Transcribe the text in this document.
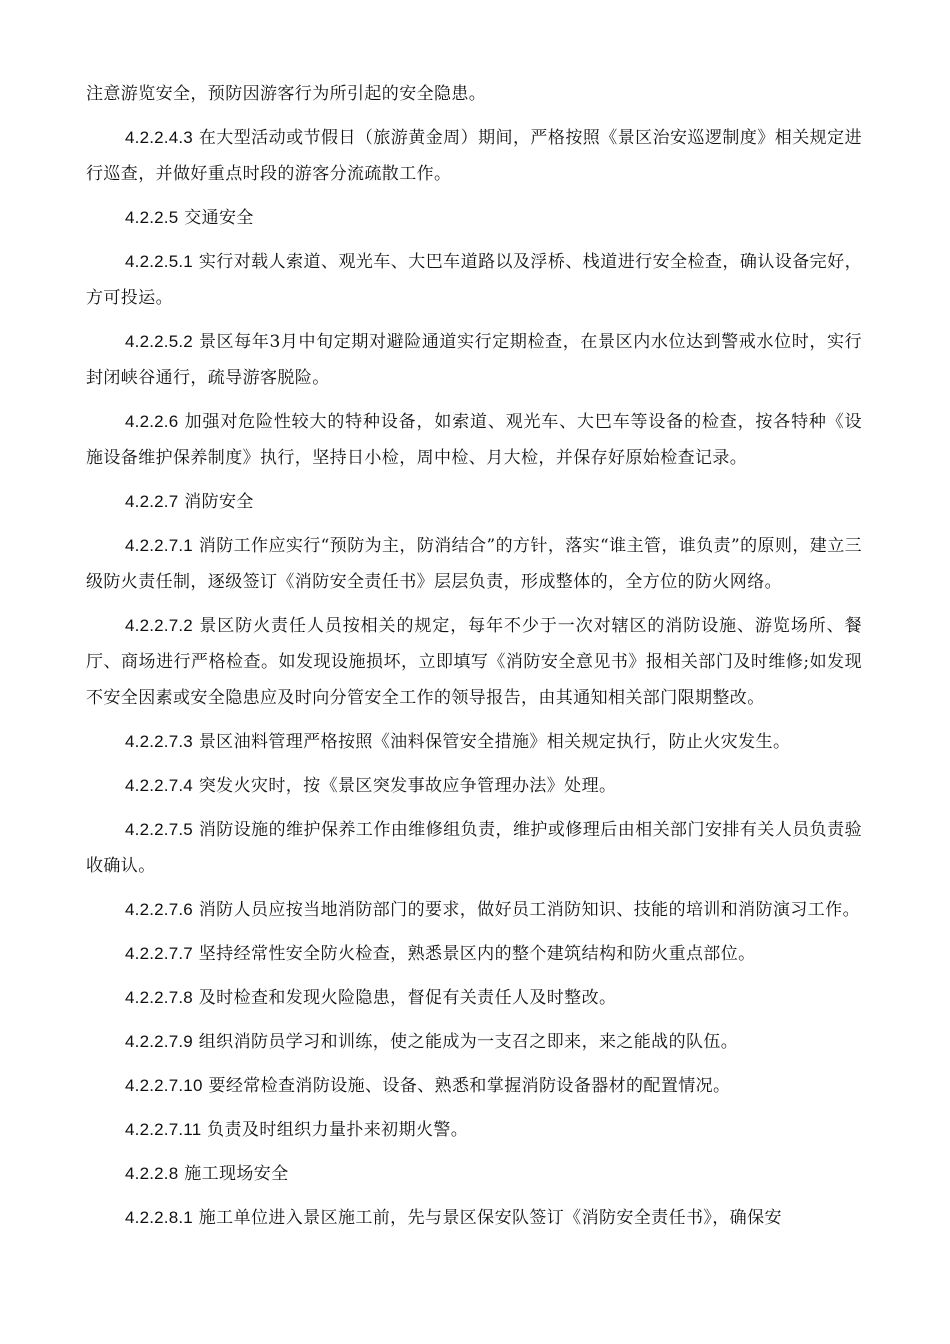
注意游览安全，预防因游客行为所引起的安全隐患。

4.2.2.4.3 在大型活动或节假日（旅游黄金周）期间，严格按照《景区治安巡逻制度》相关规定进行巡查，并做好重点时段的游客分流疏散工作。

4.2.2.5 交通安全

4.2.2.5.1 实行对载人索道、观光车、大巴车道路以及浮桥、栈道进行安全检查，确认设备完好，方可投运。

4.2.2.5.2 景区每年3月中旬定期对避险通道实行定期检查，在景区内水位达到警戒水位时，实行封闭峡谷通行，疏导游客脱险。

4.2.2.6 加强对危险性较大的特种设备，如索道、观光车、大巴车等设备的检查，按各特种《设施设备维护保养制度》执行，坚持日小检，周中检、月大检，并保存好原始检查记录。

4.2.2.7 消防安全

4.2.2.7.1 消防工作应实行“预防为主，防消结合”的方针，落实“谁主管，谁负责”的原则，建立三级防火责任制，逐级签订《消防安全责任书》层层负责，形成整体的，全方位的防火网络。

4.2.2.7.2 景区防火责任人员按相关的规定，每年不少于一次对辖区的消防设施、游览场所、餐厅、商场进行严格检查。如发现设施损坏，立即填写《消防安全意见书》报相关部门及时维修;如发现不安全因素或安全隐患应及时向分管安全工作的领导报告，由其通知相关部门限期整改。

4.2.2.7.3 景区油料管理严格按照《油料保管安全措施》相关规定执行，防止火灾发生。

4.2.2.7.4 突发火灾时，按《景区突发事故应争管理办法》处理。

4.2.2.7.5 消防设施的维护保养工作由维修组负责，维护或修理后由相关部门安排有关人员负责验收确认。

4.2.2.7.6 消防人员应按当地消防部门的要求，做好员工消防知识、技能的培训和消防演习工作。

4.2.2.7.7 坚持经常性安全防火检查，熟悉景区内的整个建筑结构和防火重点部位。

4.2.2.7.8 及时检查和发现火险隐患，督促有关责任人及时整改。

4.2.2.7.9 组织消防员学习和训练，使之能成为一支召之即来，来之能战的队伍。

4.2.2.7.10 要经常检查消防设施、设备、熟悉和掌握消防设备器材的配置情况。

4.2.2.7.11 负责及时组织力量扑来初期火警。

4.2.2.8 施工现场安全

4.2.2.8.1 施工单位进入景区施工前，先与景区保安队签订《消防安全责任书》，确保安
